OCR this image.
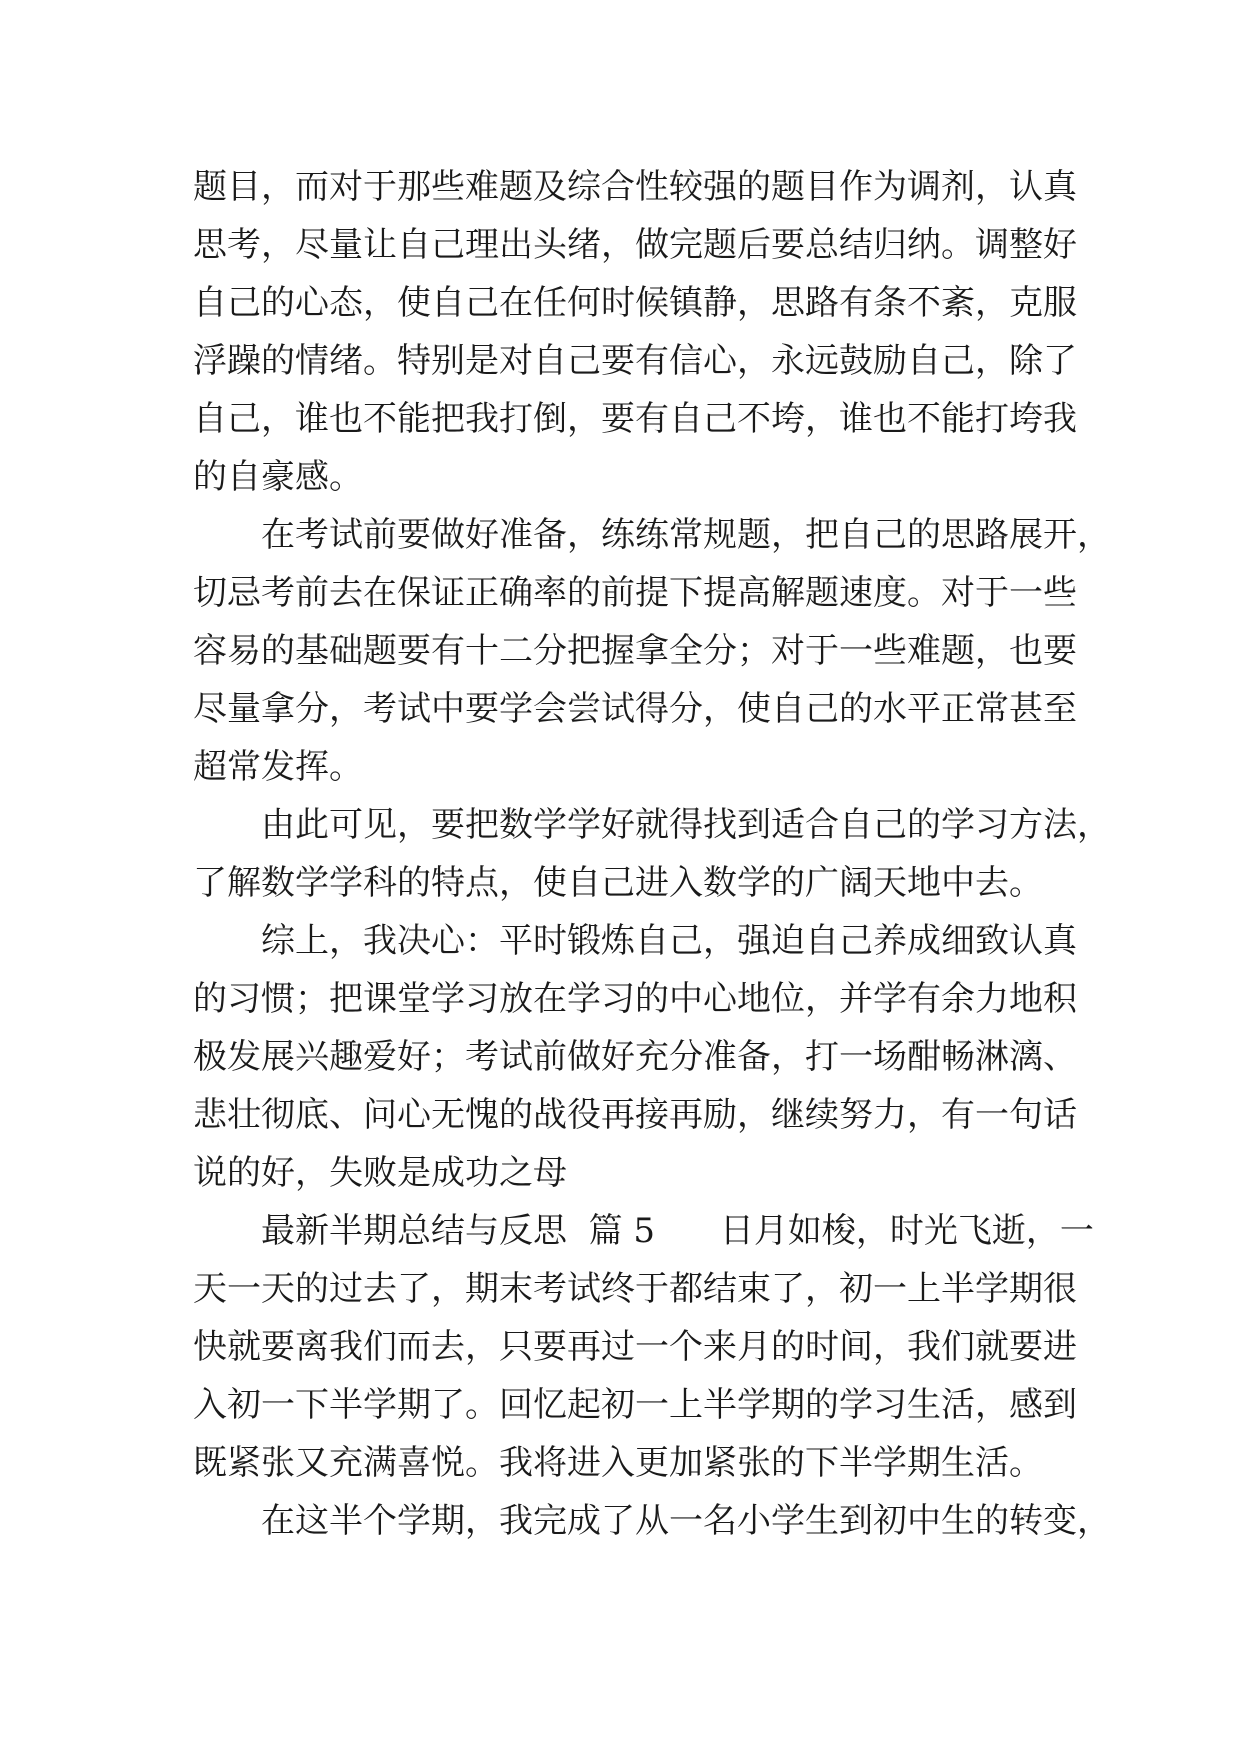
题目，而对于那些难题及综合性较强的题目作为调剂，认真
思考，尽量让自己理出头绪，做完题后要总结归纳。调整好
自己的心态，使自己在任何时候镇静，思路有条不紊，克服
浮躁的情绪。特别是对自己要有信心，永远鼓励自己，除了
自己，谁也不能把我打倒，要有自己不垮，谁也不能打垮我
的自豪感。
在考试前要做好准备，练练常规题，把自己的思路展开，
切忌考前去在保证正确率的前提下提高解题速度。对于一些
容易的基础题要有十二分把握拿全分；对于一些难题，也要
尽量拿分，考试中要学会尝试得分，使自己的水平正常甚至
超常发挥。
由此可见，要把数学学好就得找到适合自己的学习方法，
了解数学学科的特点，使自己进入数学的广阔天地中去。
综上，我决心：平时锻炼自己，强迫自己养成细致认真
的习惯；把课堂学习放在学习的中心地位，并学有余力地积
极发展兴趣爱好；考试前做好充分准备，打一场酣畅淋漓、
悲壮彻底、问心无愧的战役再接再励，继续努力，有一句话
说的好，失败是成功之母
最新半期总结与反思  篇 5      日月如梭，时光飞逝，一
天一天的过去了，期末考试终于都结束了，初一上半学期很
快就要离我们而去，只要再过一个来月的时间，我们就要进
入初一下半学期了。回忆起初一上半学期的学习生活，感到
既紧张又充满喜悦。我将进入更加紧张的下半学期生活。
在这半个学期，我完成了从一名小学生到初中生的转变，
